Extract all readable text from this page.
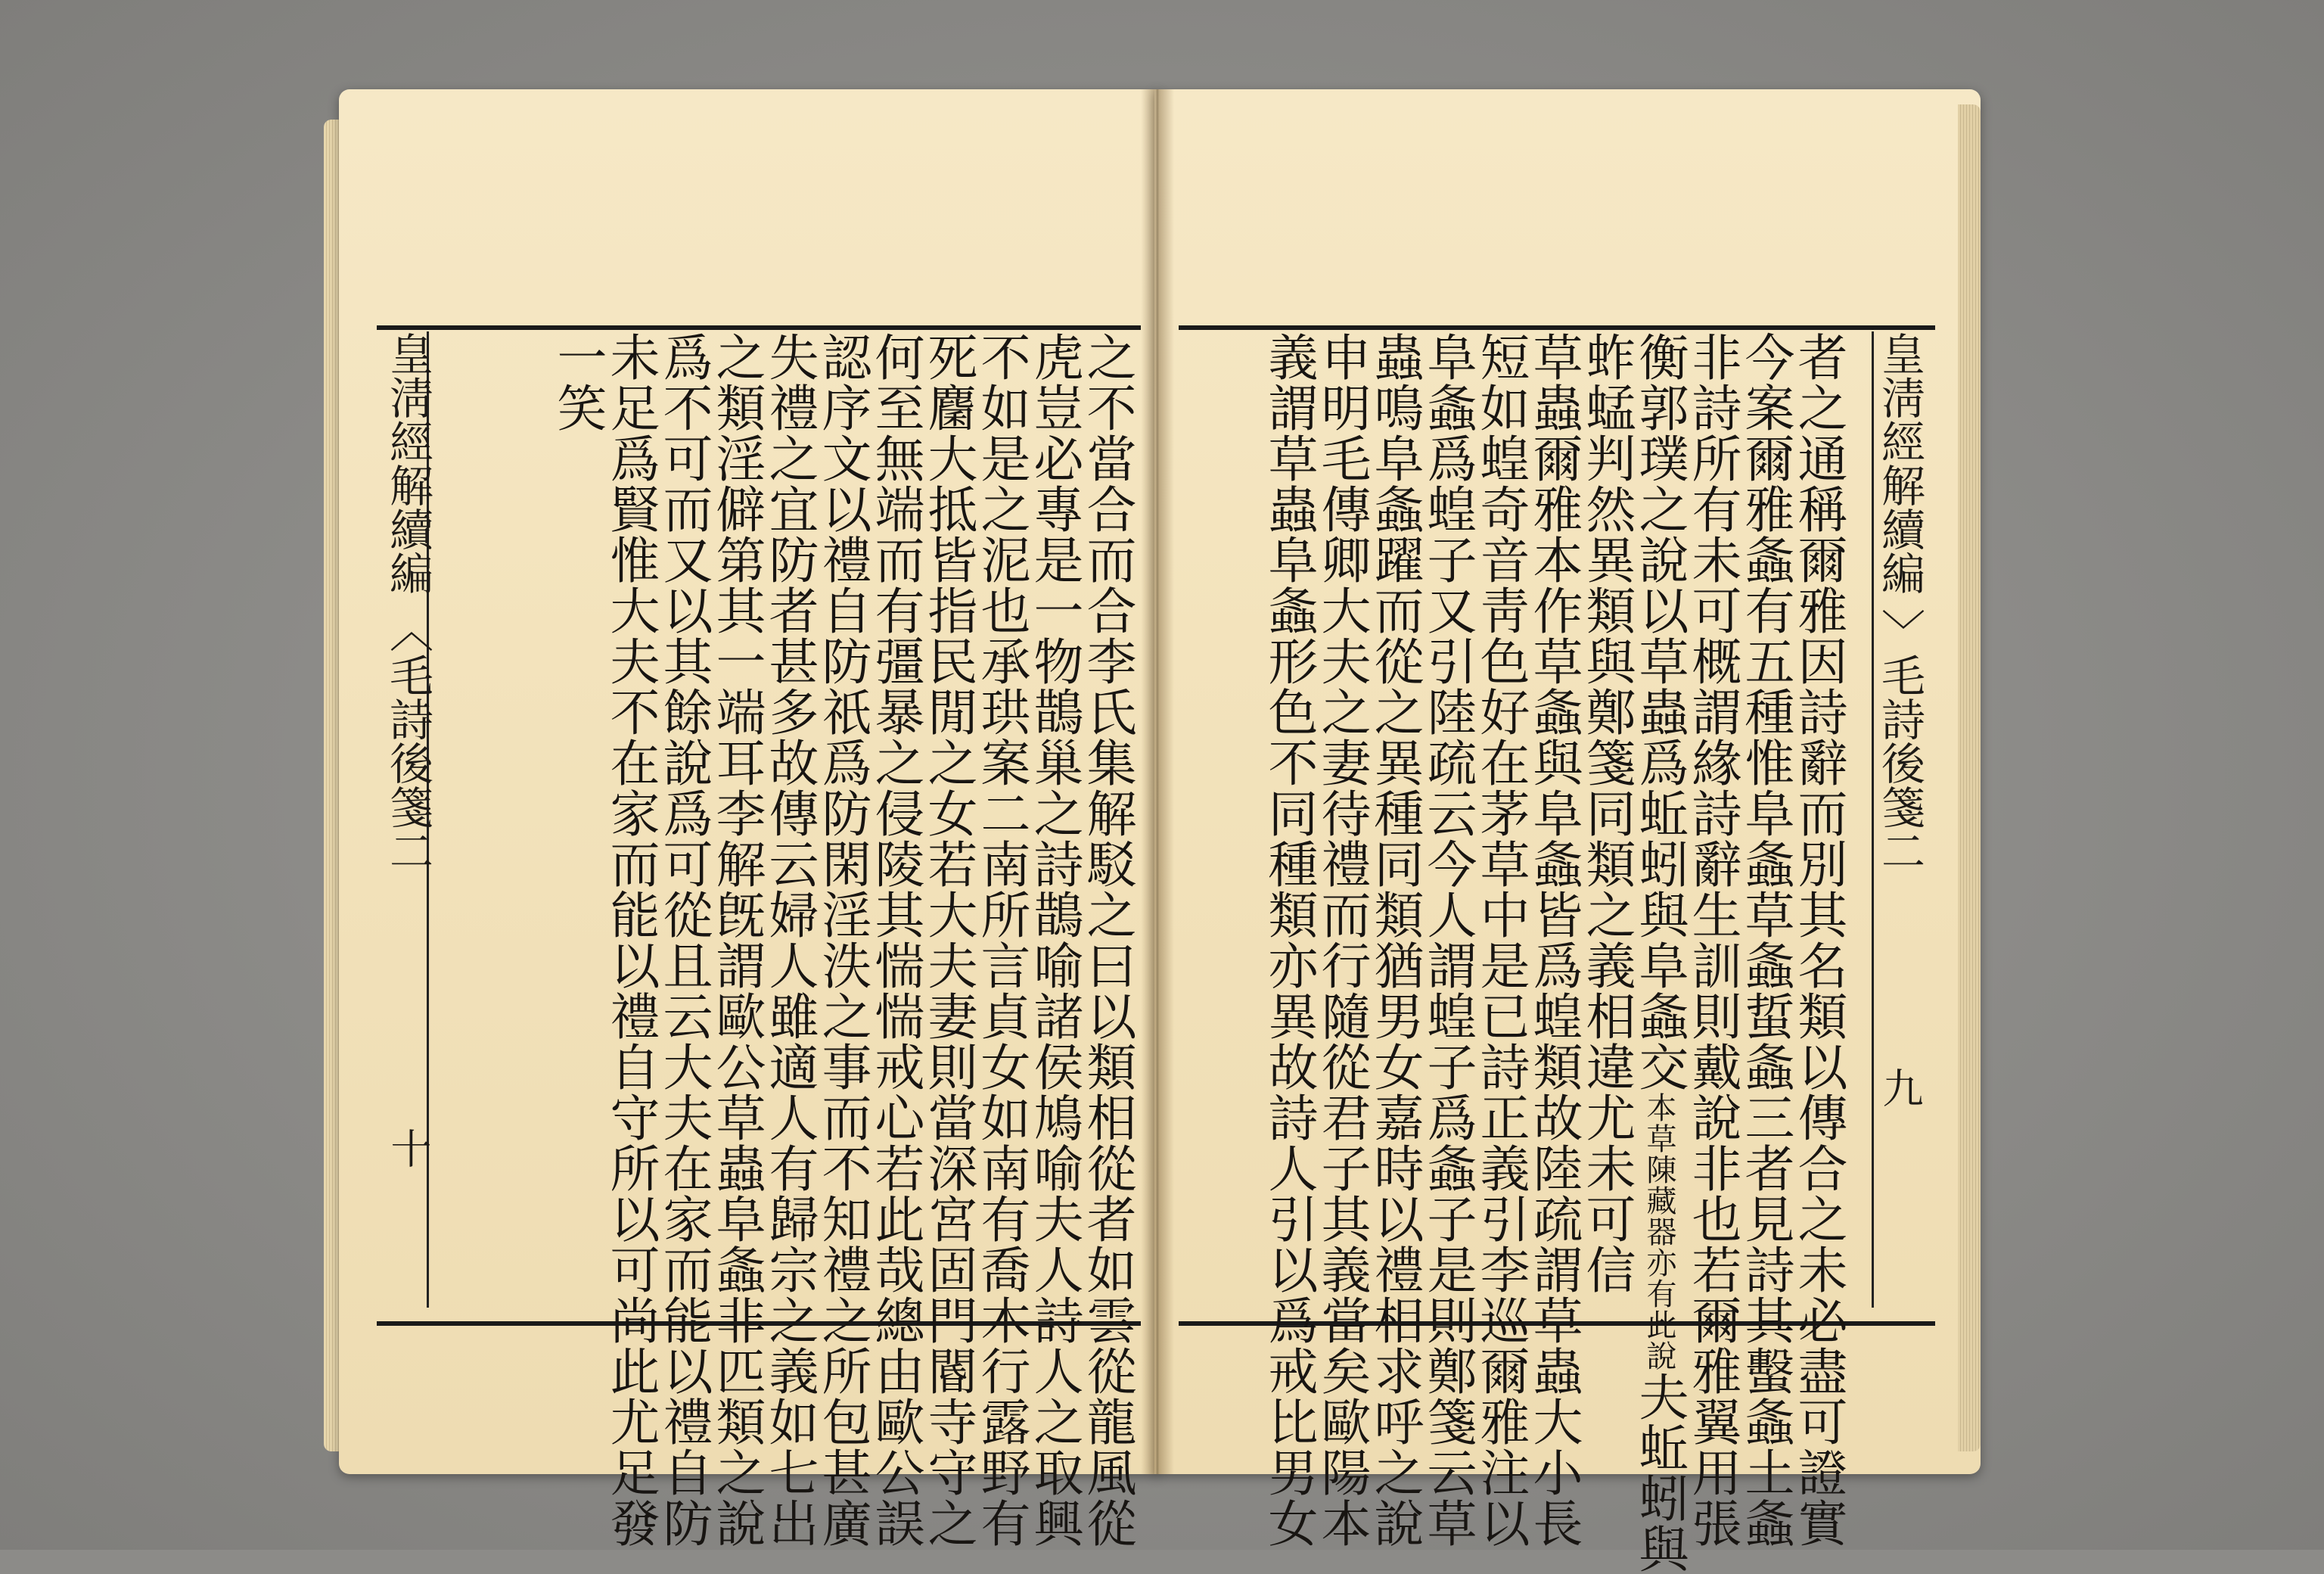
皇淸經解續編 〈 毛詩後箋二  十	之不當合而合李氏集解駁之曰以類相從者如雲從龍風從
虎豈必專是一物鵲巢之詩鵲喻諸侯鳩喻夫人詩人之取興
不如是之泥也承珙案二南所言貞女如南有喬木行露野有
死麕大抵皆指民閒之女若大夫妻則當深宮固門閽寺守之
何至無端而有彊暴之侵陵其惴惴戒心若此哉總由歐公誤
認序文以禮自防祇爲防閑淫泆之事而不知禮之所包甚廣
失禮之宜防者甚多故傳云婦人雖適人有歸宗之義如七出
之類淫僻第其一端耳李解旣謂歐公草蟲阜螽非匹類之說
爲不可而又以其餘說爲可從且云大夫在家而能以禮自防
未足爲賢惟大夫不在家而能以禮自守所以可尚此尤足發
一笑	皇淸經解續編 〉 毛詩後箋二  九
者之通稱爾雅因詩辭而別其名類以傳合之未必盡可證實
今案爾雅螽有五種惟阜螽草螽蜇螽三者見詩其蟿螽土螽
非詩所有未可概謂緣詩辭生訓則戴說非也若爾雅翼用張
衡郭璞之說以草蟲爲蚯蚓與阜螽交本草陳藏器亦有此說夫蚯蚓與
蚱蜢判然異類與鄭箋同類之義相違尤未可信
草蟲爾雅本作草螽與阜螽皆爲蝗類故陸疏謂草蟲大小長
短如蝗奇音靑色好在茅草中是已詩正義引李巡爾雅注以
阜螽爲蝗子又引陸疏云今人謂蝗子爲螽子是則鄭箋云草
蟲鳴阜螽躍而從之異種同類猶男女嘉時以禮相求呼之說
申明毛傳卿大夫之妻待禮而行隨從君子其義當矣歐陽本
義謂草蟲阜螽形色不同種類亦異故詩人引以爲戒比男女
